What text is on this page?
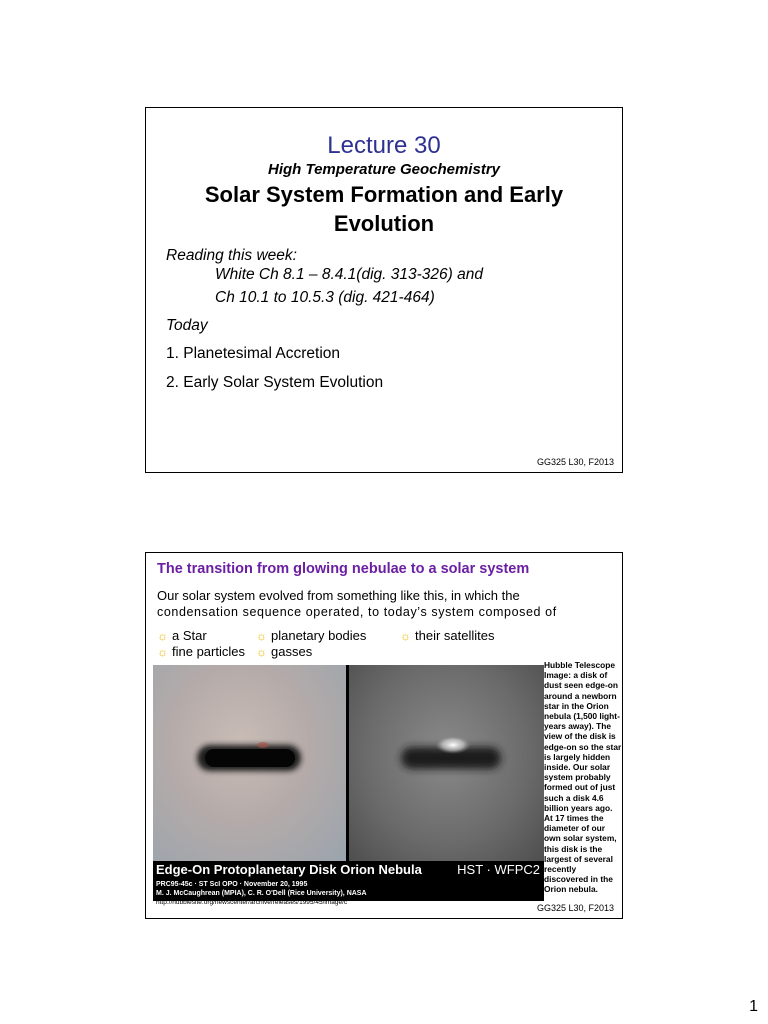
Lecture 30
High Temperature Geochemistry
Solar System Formation and Early
Evolution
Reading this week:
White Ch 8.1 – 8.4.1(dig. 313-326) and
Ch 10.1 to 10.5.3 (dig. 421-464)
Today
1. Planetesimal Accretion
2. Early Solar System Evolution
GG325 L30, F2013
The transition from glowing nebulae to a solar system
Our solar system evolved from something like this, in which the
condensation sequence operated, to today’s system composed of
☼ a Star	☼ planetary bodies	☼ their satellites
☼ fine particles ☼ gasses
Edge-On Protoplanetary Disk Orion Nebula	HST · WFPC2
PRC95-45c · ST ScI OPO · November 20, 1995
M. J. McCaughrean (MPIA), C. R. O'Dell (Rice University), NASA
Hubble Telescope Image: a disk of dust seen edge-on around a newborn star in the Orion nebula (1,500 light-years away). The view of the disk is edge-on so the star is largely hidden inside. Our solar system probably formed out of just such a disk 4.6 billion years ago. At 17 times the diameter of our own solar system, this disk is the largest of several recently discovered in the Orion nebula.
http://hubblesite.org/newscenter/archive/releases/1995/45/image/c
GG325 L30, F2013
1
